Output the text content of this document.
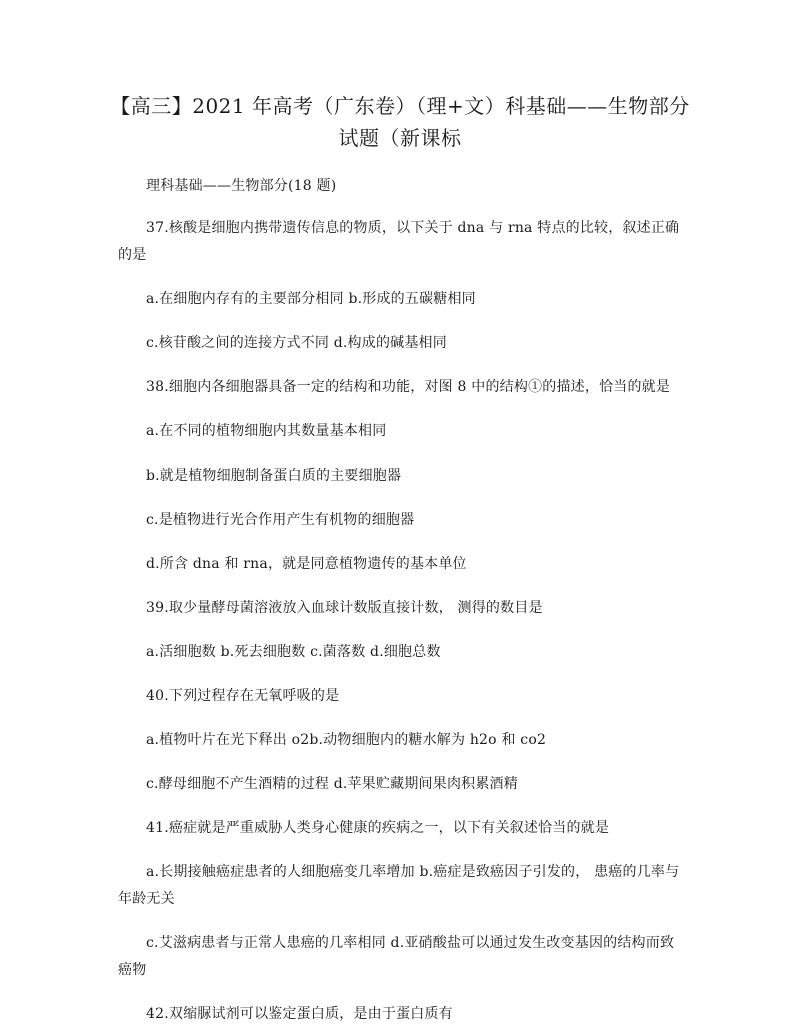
【高三】2021 年高考（广东卷）（理+文）科基础——生物部分
试题（新课标
理科基础——生物部分(18 题)
37.核酸是细胞内携带遗传信息的物质，以下关于 dna 与 rna 特点的比较，叙述正确
的是
a.在细胞内存有的主要部分相同 b.形成的五碳糖相同
c.核苷酸之间的连接方式不同 d.构成的碱基相同
38.细胞内各细胞器具备一定的结构和功能，对图 8 中的结构①的描述，恰当的就是
a.在不同的植物细胞内其数量基本相同
b.就是植物细胞制备蛋白质的主要细胞器
c.是植物进行光合作用产生有机物的细胞器
d.所含 dna 和 rna，就是同意植物遗传的基本单位
39.取少量酵母菌溶液放入血球计数版直接计数， 测得的数目是
a.活细胞数 b.死去细胞数 c.菌落数 d.细胞总数
40.下列过程存在无氧呼吸的是
a.植物叶片在光下释出 o2b.动物细胞内的糖水解为 h2o 和 co2
c.酵母细胞不产生酒精的过程 d.苹果贮藏期间果肉积累酒精
41.癌症就是严重威胁人类身心健康的疾病之一，以下有关叙述恰当的就是
a.长期接触癌症患者的人细胞癌变几率增加 b.癌症是致癌因子引发的， 患癌的几率与
年龄无关
c.艾滋病患者与正常人患癌的几率相同 d.亚硝酸盐可以通过发生改变基因的结构而致
癌物
42.双缩脲试剂可以鉴定蛋白质，是由于蛋白质有
